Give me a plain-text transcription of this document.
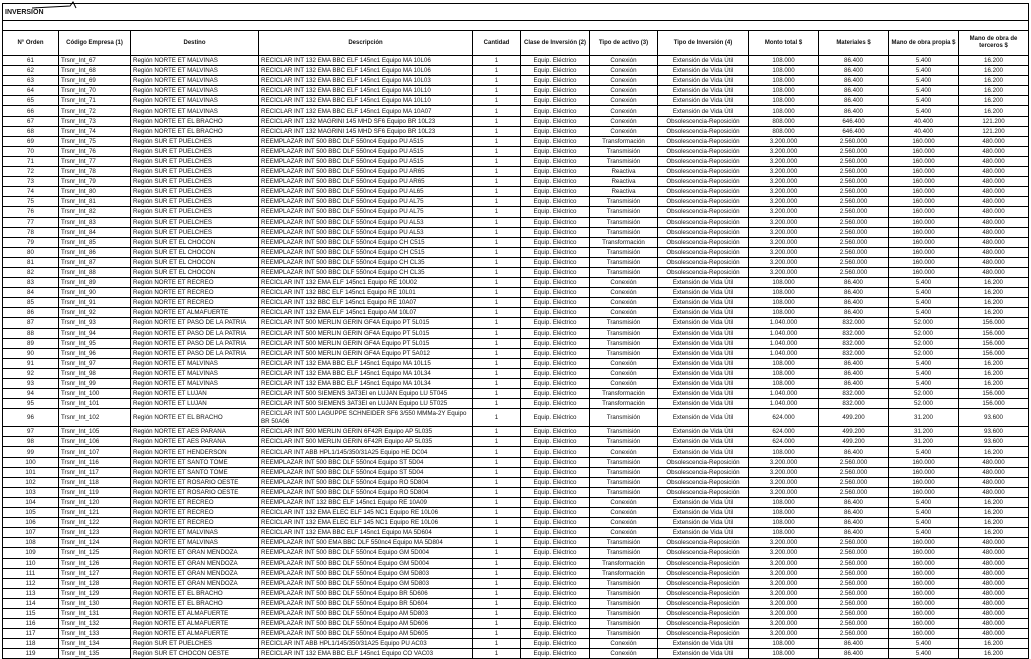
INVERSIÓN											

N° Orden	Código Empresa (1)	Destino	Descripción	Cantidad	Clase de Inversión (2)	Tipo de activo (3)	Tipo de Inversión (4)	Monto total $	Materiales $	Mano de obra propia $	Mano de obra de terceros $
61	Trsnr_Int_67	Región NORTE ET MALVINAS	RECICLAR INT 132 EMA BBC ELF 145nc1 Equipo MA 10L06	1	Equip. Eléctrico	Conexión	Extensión de Vida Útil	108.000	86.400	5.400	16.200
62	Trsnr_Int_68	Región NORTE ET MALVINAS	RECICLAR INT 132 EMA BBC ELF 145nc1 Equipo MA 10L06	1	Equip. Eléctrico	Conexión	Extensión de Vida Útil	108.000	86.400	5.400	16.200
63	Trsnr_Int_69	Región NORTE ET MALVINAS	RECICLAR INT 132 EMA BBC ELF 145nc1 Equipo MA 10L03	1	Equip. Eléctrico	Conexión	Extensión de Vida Útil	108.000	86.400	5.400	16.200
64	Trsnr_Int_70	Región NORTE ET MALVINAS	RECICLAR INT 132 EMA BBC ELF 145nc1 Equipo MA 10L10	1	Equip. Eléctrico	Conexión	Extensión de Vida Útil	108.000	86.400	5.400	16.200
65	Trsnr_Int_71	Región NORTE ET MALVINAS	RECICLAR INT 132 EMA BBC ELF 145nc1 Equipo MA 10L10	1	Equip. Eléctrico	Conexión	Extensión de Vida Útil	108.000	86.400	5.400	16.200
66	Trsnr_Int_72	Región NORTE ET MALVINAS	RECICLAR INT 132 EMA BBC ELF 145nc1 Equipo MA 10A07	1	Equip. Eléctrico	Conexión	Extensión de Vida Útil	108.000	86.400	5.400	16.200
67	Trsnr_Int_73	Región NORTE ET EL BRACHO	RECICLAR INT 132 MAGRINI 145 MHD SF6 Equipo BR 10L23	1	Equip. Eléctrico	Conexión	Obsolescencia-Reposición	808.000	646.400	40.400	121.200
68	Trsnr_Int_74	Región NORTE ET EL BRACHO	RECICLAR INT 132 MAGRINI 145 MHD SF6 Equipo BR 10L23	1	Equip. Eléctrico	Conexión	Obsolescencia-Reposición	808.000	646.400	40.400	121.200
69	Trsnr_Int_75	Región SUR ET PUELCHES	REEMPLAZAR INT 500 BBC DLF 550nc4 Equipo PU A515	1	Equip. Eléctrico	Transformación	Obsolescencia-Reposición	3.200.000	2.560.000	160.000	480.000
70	Trsnr_Int_76	Región SUR ET PUELCHES	REEMPLAZAR INT 500 BBC DLF 550nc4 Equipo PU A515	1	Equip. Eléctrico	Transmisión	Obsolescencia-Reposición	3.200.000	2.560.000	160.000	480.000
71	Trsnr_Int_77	Región SUR ET PUELCHES	REEMPLAZAR INT 500 BBC DLF 550nc4 Equipo PU A515	1	Equip. Eléctrico	Transmisión	Obsolescencia-Reposición	3.200.000	2.560.000	160.000	480.000
72	Trsnr_Int_78	Región SUR ET PUELCHES	REEMPLAZAR INT 500 BBC DLF 550nc4 Equipo PU AR65	1	Equip. Eléctrico	Reactiva	Obsolescencia-Reposición	3.200.000	2.560.000	160.000	480.000
73	Trsnr_Int_79	Región SUR ET PUELCHES	REEMPLAZAR INT 500 BBC DLF 550nc4 Equipo PU AR65	1	Equip. Eléctrico	Reactiva	Obsolescencia-Reposición	3.200.000	2.560.000	160.000	480.000
74	Trsnr_Int_80	Región SUR ET PUELCHES	REEMPLAZAR INT 500 BBC DLF 550nc4 Equipo PU AL65	1	Equip. Eléctrico	Reactiva	Obsolescencia-Reposición	3.200.000	2.560.000	160.000	480.000
75	Trsnr_Int_81	Región SUR ET PUELCHES	REEMPLAZAR INT 500 BBC DLF 550nc4 Equipo PU AL75	1	Equip. Eléctrico	Transmisión	Obsolescencia-Reposición	3.200.000	2.560.000	160.000	480.000
76	Trsnr_Int_82	Región SUR ET PUELCHES	REEMPLAZAR INT 500 BBC DLF 550nc4 Equipo PU AL75	1	Equip. Eléctrico	Transmisión	Obsolescencia-Reposición	3.200.000	2.560.000	160.000	480.000
77	Trsnr_Int_83	Región SUR ET PUELCHES	REEMPLAZAR INT 500 BBC DLF 550nc4 Equipo PU AL53	1	Equip. Eléctrico	Transmisión	Obsolescencia-Reposición	3.200.000	2.560.000	160.000	480.000
78	Trsnr_Int_84	Región SUR ET PUELCHES	REEMPLAZAR INT 500 BBC DLF 550nc4 Equipo PU AL53	1	Equip. Eléctrico	Transmisión	Obsolescencia-Reposición	3.200.000	2.560.000	160.000	480.000
79	Trsnr_Int_85	Región SUR ET EL CHOCON	REEMPLAZAR INT 500 BBC DLF 550nc4 Equipo CH C515	1	Equip. Eléctrico	Transformación	Obsolescencia-Reposición	3.200.000	2.560.000	160.000	480.000
80	Trsnr_Int_86	Región SUR ET EL CHOCON	REEMPLAZAR INT 500 BBC DLF 550nc4 Equipo CH C515	1	Equip. Eléctrico	Transmisión	Obsolescencia-Reposición	3.200.000	2.560.000	160.000	480.000
81	Trsnr_Int_87	Región SUR ET EL CHOCON	REEMPLAZAR INT 500 BBC DLF 550nc4 Equipo CH CL35	1	Equip. Eléctrico	Transmisión	Obsolescencia-Reposición	3.200.000	2.560.000	160.000	480.000
82	Trsnr_Int_88	Región SUR ET EL CHOCON	REEMPLAZAR INT 500 BBC DLF 550nc4 Equipo CH CL35	1	Equip. Eléctrico	Transmisión	Obsolescencia-Reposición	3.200.000	2.560.000	160.000	480.000
83	Trsnr_Int_89	Región NORTE ET RECREO	RECICLAR INT 132 EMA ELF 145nc1 Equipo RE 10U02	1	Equip. Eléctrico	Conexión	Extensión de Vida Útil	108.000	86.400	5.400	16.200
84	Trsnr_Int_90	Región NORTE ET RECREO	RECICLAR INT 132 BBC ELF 145nc1 Equipo RE 10L01	1	Equip. Eléctrico	Conexión	Extensión de Vida Útil	108.000	86.400	5.400	16.200
85	Trsnr_Int_91	Región NORTE ET RECREO	RECICLAR INT 132 BBC ELF 145nc1 Equipo RE 10A07	1	Equip. Eléctrico	Conexión	Extensión de Vida Útil	108.000	86.400	5.400	16.200
86	Trsnr_Int_92	Región NORTE ET ALMAFUERTE	RECICLAR INT 132 EMA ELF 145nc1 Equipo AM 10L07	1	Equip. Eléctrico	Conexión	Extensión de Vida Útil	108.000	86.400	5.400	16.200
87	Trsnr_Int_93	Región NORTE ET PASO DE LA PATRIA	RECICLAR INT 500 MERLIN GERIN GF4A Equipo PT 5L015	1	Equip. Eléctrico	Transmisión	Extensión de Vida Útil	1.040.000	832.000	52.000	156.000
88	Trsnr_Int_94	Región NORTE ET PASO DE LA PATRIA	RECICLAR INT 500 MERLIN GERIN GF4A Equipo PT 5L015	1	Equip. Eléctrico	Transmisión	Extensión de Vida Útil	1.040.000	832.000	52.000	156.000
89	Trsnr_Int_95	Región NORTE ET PASO DE LA PATRIA	RECICLAR INT 500 MERLIN GERIN GF4A Equipo PT 5L015	1	Equip. Eléctrico	Transmisión	Extensión de Vida Útil	1.040.000	832.000	52.000	156.000
90	Trsnr_Int_96	Región NORTE ET PASO DE LA PATRIA	RECICLAR INT 500 MERLIN GERIN GF4A Equipo PT 5A012	1	Equip. Eléctrico	Transmisión	Extensión de Vida Útil	1.040.000	832.000	52.000	156.000
91	Trsnr_Int_97	Región NORTE ET MALVINAS	RECICLAR INT 132 EMA BBC ELF 145nc1 Equipo MA 10L15	1	Equip. Eléctrico	Conexión	Extensión de Vida Útil	108.000	86.400	5.400	16.200
92	Trsnr_Int_98	Región NORTE ET MALVINAS	RECICLAR INT 132 EMA BBC ELF 145nc1 Equipo MA 10L34	1	Equip. Eléctrico	Conexión	Extensión de Vida Útil	108.000	86.400	5.400	16.200
93	Trsnr_Int_99	Región NORTE ET MALVINAS	RECICLAR INT 132 EMA BBC ELF 145nc1 Equipo MA 10L34	1	Equip. Eléctrico	Conexión	Extensión de Vida Útil	108.000	86.400	5.400	16.200
94	Trsnr_Int_100	Región NORTE ET LUJAN	RECICLAR INT 500 SIEMENS 3AT3EI en LUJAN Equipo LU 5T045	1	Equip. Eléctrico	Transformación	Extensión de Vida Útil	1.040.000	832.000	52.000	156.000
95	Trsnr_Int_101	Región NORTE ET LUJAN	RECICLAR INT 500 SIEMENS 3AT3EI en LUJAN Equipo LU 5T025	1	Equip. Eléctrico	Transformación	Extensión de Vida Útil	1.040.000	832.000	52.000	156.000
96	Trsnr_Int_102	Región NORTE ET EL BRACHO	RECICLAR INT 500 LAGUPPE SCHNEIDER SF6 3/550 MMMa-2Y Equipo BR 50A06	1	Equip. Eléctrico	Transmisión	Extensión de Vida Útil	624.000	499.200	31.200	93.600
97	Trsnr_Int_105	Región NORTE ET AES PARANA	RECICLAR INT 500 MERLIN GERIN 6F42R Equipo AP 5L035	1	Equip. Eléctrico	Transmisión	Extensión de Vida Útil	624.000	499.200	31.200	93.600
98	Trsnr_Int_106	Región NORTE ET AES PARANA	RECICLAR INT 500 MERLIN GERIN 6F42R Equipo AP 5L035	1	Equip. Eléctrico	Transmisión	Extensión de Vida Útil	624.000	499.200	31.200	93.600
99	Trsnr_Int_107	Región NORTE ET HENDERSON	RECICLAR INT ABB HPL1/145/350/31A25 Equipo HE DC04	1	Equip. Eléctrico	Conexión	Extensión de Vida Útil	108.000	86.400	5.400	16.200
100	Trsnr_Int_116	Región NORTE ET SANTO TOME	REEMPLAZAR INT 500 BBC DLF 550nc4 Equipo ST 5D04	1	Equip. Eléctrico	Transmisión	Obsolescencia-Reposición	3.200.000	2.560.000	160.000	480.000
101	Trsnr_Int_117	Región NORTE ET SANTO TOME	REEMPLAZAR INT 500 BBC DLF 550nc4 Equipo ST 5D04	1	Equip. Eléctrico	Transmisión	Obsolescencia-Reposición	3.200.000	2.560.000	160.000	480.000
102	Trsnr_Int_118	Región NORTE ET ROSARIO OESTE	REEMPLAZAR INT 500 BBC DLF 550nc4 Equipo RO 5D804	1	Equip. Eléctrico	Transmisión	Obsolescencia-Reposición	3.200.000	2.560.000	160.000	480.000
103	Trsnr_Int_119	Región NORTE ET ROSARIO OESTE	REEMPLAZAR INT 500 BBC DLF 550nc4 Equipo RO 5D804	1	Equip. Eléctrico	Transmisión	Obsolescencia-Reposición	3.200.000	2.560.000	160.000	480.000
104	Trsnr_Int_120	Región NORTE ET RECREO	REEMPLAZAR INT 132 BBC ELF 145nc1 Equipo RE 10A09	1	Equip. Eléctrico	Conexión	Extensión de Vida Útil	108.000	86.400	5.400	16.200
105	Trsnr_Int_121	Región NORTE ET RECREO	RECICLAR INT 132 EMA ELEC ELF 145 NC1 Equipo RE 10L06	1	Equip. Eléctrico	Conexión	Extensión de Vida Útil	108.000	86.400	5.400	16.200
106	Trsnr_Int_122	Región NORTE ET RECREO	RECICLAR INT 132 EMA ELEC ELF 145 NC1 Equipo RE 10L06	1	Equip. Eléctrico	Conexión	Extensión de Vida Útil	108.000	86.400	5.400	16.200
107	Trsnr_Int_123	Región NORTE ET MALVINAS	RECICLAR INT 132 EMA BBC ELF 145nc1 Equipo MA 5D604	1	Equip. Eléctrico	Conexión	Extensión de Vida Útil	108.000	86.400	5.400	16.200
108	Trsnr_Int_124	Región NORTE ET MALVINAS	REEMPLAZAR INT 500 EMA BBC DLF 550nc4 Equipo MA 5D804	1	Equip. Eléctrico	Transmisión	Obsolescencia-Reposición	3.200.000	2.560.000	160.000	480.000
109	Trsnr_Int_125	Región NORTE ET GRAN MENDOZA	REEMPLAZAR INT 500 BBC DLF 550nc4 Equipo GM 5D004	1	Equip. Eléctrico	Transmisión	Obsolescencia-Reposición	3.200.000	2.560.000	160.000	480.000
110	Trsnr_Int_126	Región NORTE ET GRAN MENDOZA	REEMPLAZAR INT 500 BBC DLF 550nc4 Equipo GM 5D004	1	Equip. Eléctrico	Transformación	Obsolescencia-Reposición	3.200.000	2.560.000	160.000	480.000
111	Trsnr_Int_127	Región NORTE ET GRAN MENDOZA	REEMPLAZAR INT 500 BBC DLF 550nc4 Equipo GM 5D803	1	Equip. Eléctrico	Transformación	Obsolescencia-Reposición	3.200.000	2.560.000	160.000	480.000
112	Trsnr_Int_128	Región NORTE ET GRAN MENDOZA	REEMPLAZAR INT 500 BBC DLF 550nc4 Equipo GM 5D803	1	Equip. Eléctrico	Transmisión	Obsolescencia-Reposición	3.200.000	2.560.000	160.000	480.000
113	Trsnr_Int_129	Región NORTE ET EL BRACHO	REEMPLAZAR INT 500 BBC DLF 550nc4 Equipo BR 5D606	1	Equip. Eléctrico	Transmisión	Obsolescencia-Reposición	3.200.000	2.560.000	160.000	480.000
114	Trsnr_Int_130	Región NORTE ET EL BRACHO	REEMPLAZAR INT 500 BBC DLF 550nc4 Equipo BR 5D604	1	Equip. Eléctrico	Transmisión	Obsolescencia-Reposición	3.200.000	2.560.000	160.000	480.000
115	Trsnr_Int_131	Región NORTE ET ALMAFUERTE	REEMPLAZAR INT 500 BBC DLF 550nc4 Equipo AM 5D803	1	Equip. Eléctrico	Transmisión	Obsolescencia-Reposición	3.200.000	2.560.000	160.000	480.000
116	Trsnr_Int_132	Región NORTE ET ALMAFUERTE	REEMPLAZAR INT 500 BBC DLF 550nc4 Equipo AM 5D606	1	Equip. Eléctrico	Transmisión	Obsolescencia-Reposición	3.200.000	2.560.000	160.000	480.000
117	Trsnr_Int_133	Región NORTE ET ALMAFUERTE	REEMPLAZAR INT 500 BBC DLF 550nc4 Equipo AM 5D605	1	Equip. Eléctrico	Transmisión	Obsolescencia-Reposición	3.200.000	2.560.000	160.000	480.000
118	Trsnr_Int_134	Región SUR ET PUELCHES	RECICLAR INT ABB HPL1/145/350/31A25 Equipo PU AC03	1	Equip. Eléctrico	Conexión	Extensión de Vida Útil	108.000	86.400	5.400	16.200
119	Trsnr_Int_135	Región SUR ET CHOCON OESTE	RECICLAR INT 132 EMA BBC ELF 145nc1 Equipo CO VAC03	1	Equip. Eléctrico	Conexión	Extensión de Vida Útil	108.000	86.400	5.400	16.200
